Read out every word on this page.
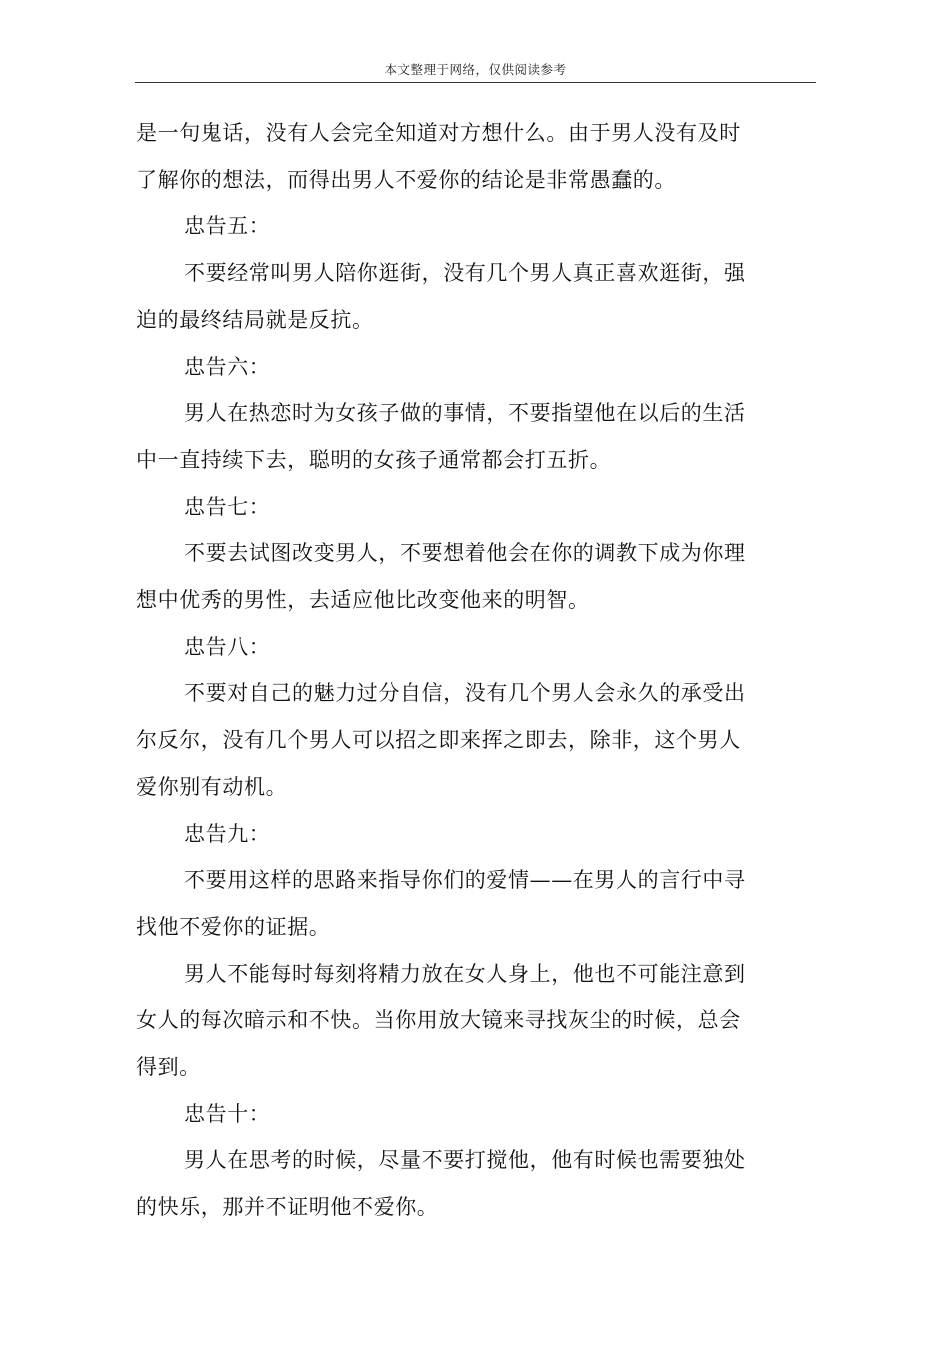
本文整理于网络，仅供阅读参考

是一句鬼话，没有人会完全知道对方想什么。由于男人没有及时
了解你的想法，而得出男人不爱你的结论是非常愚蠢的。

忠告五：

不要经常叫男人陪你逛街，没有几个男人真正喜欢逛街，强
迫的最终结局就是反抗。

忠告六：

男人在热恋时为女孩子做的事情，不要指望他在以后的生活
中一直持续下去，聪明的女孩子通常都会打五折。

忠告七：

不要去试图改变男人，不要想着他会在你的调教下成为你理
想中优秀的男性，去适应他比改变他来的明智。

忠告八：

不要对自己的魅力过分自信，没有几个男人会永久的承受出
尔反尔，没有几个男人可以招之即来挥之即去，除非，这个男人
爱你别有动机。

忠告九：

不要用这样的思路来指导你们的爱情——在男人的言行中寻
找他不爱你的证据。

男人不能每时每刻将精力放在女人身上，他也不可能注意到
女人的每次暗示和不快。当你用放大镜来寻找灰尘的时候，总会
得到。

忠告十：

男人在思考的时候，尽量不要打搅他，他有时候也需要独处
的快乐，那并不证明他不爱你。
